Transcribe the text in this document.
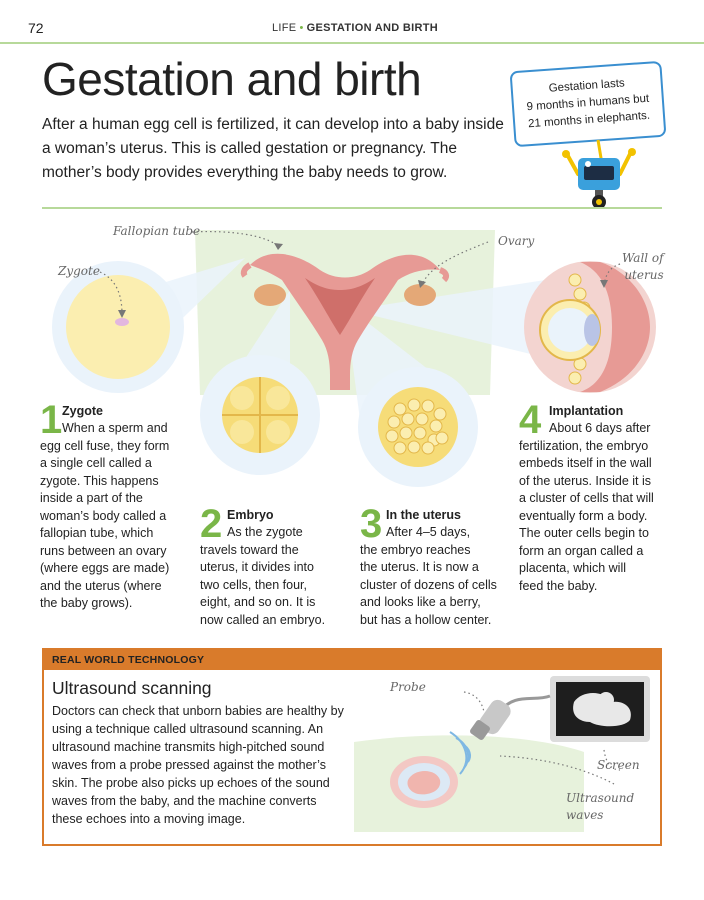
72	LIFE • GESTATION AND BIRTH
Gestation and birth

After a human egg cell is fertilized, it can develop into a baby inside a woman’s uterus. This is called gestation or pregnancy. The mother’s body provides everything the baby needs to grow.

Gestation lasts
9 months in humans but
21 months in elephants.
Fallopian tube
Ovary
Zygote
Wall of
uterus
1 Zygote
When a sperm and
egg cell fuse, they form
a single cell called a
zygote. This happens
inside a part of the
woman’s body called a
fallopian tube, which
runs between an ovary
(where eggs are made)
and the uterus (where
the baby grows).
2 Embryo
As the zygote
travels toward the
uterus, it divides into
two cells, then four,
eight, and so on. It is
now called an embryo.
3 In the uterus
After 4–5 days,
the embryo reaches
the uterus. It is now a
cluster of dozens of cells
and looks like a berry,
but has a hollow center.
4 Implantation
About 6 days after
fertilization, the embryo
embeds itself in the wall
of the uterus. Inside it is
a cluster of cells that will
eventually form a body.
The outer cells begin to
form an organ called a
placenta, which will
feed the baby.
REAL WORLD TECHNOLOGY
Ultrasound scanning
Doctors can check that unborn babies are healthy by using a technique called ultrasound scanning. An ultrasound machine transmits high-pitched sound waves from a probe pressed against the mother’s skin. The probe also picks up echoes of the sound waves from the baby, and the machine converts these echoes into a moving image.
Probe
Screen
Ultrasound
waves
